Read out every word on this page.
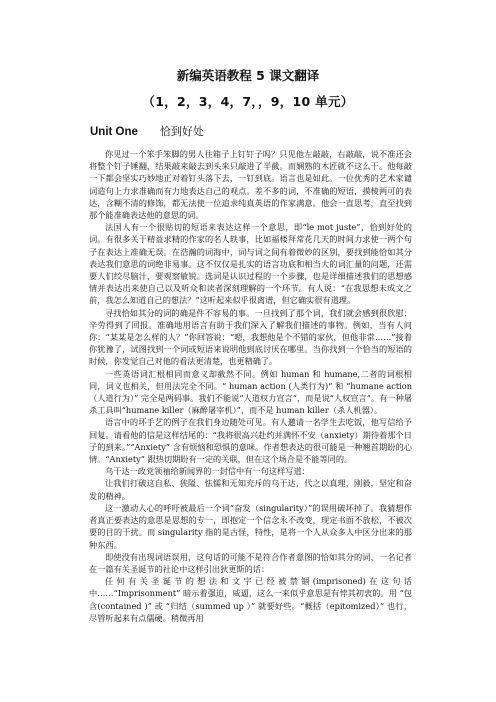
新编英语教程 5 课文翻译
（1，2，3，4，7，，9，10 单元）
Unit One 恰到好处

你见过一个笨手笨脚的男人往箱子上钉钉子吗？只见他左敲敲，右敲敲，说不准还会将整个钉子锤翻，结果敲来敲去到头来只敲进了半截。而娴熟的木匠就不这么干。他每敲一下都会坚实巧妙地正对着钉头落下去，一钉到底。语言也是如此。一位优秀的艺术家谴词造句上力求准确而有力地表达自己的观点。差不多的词，不准确的短语，摸棱两可的表达，含糊不清的修饰，都无法使一位追求纯真英语的作家满意。他会一直思考，直至找到那个能准确表达他的意思的词。

法国人有一个很贴切的短语来表达这样一个意思，即“le mot juste”，恰到好处的词。有很多关于精益求精的作家的名人轶事，比如福楼拜常花几天的时间力求使一两个句子在表达上准确无误。在浩瀚的词海中，词与词之间有着微妙的区别，要找到能恰如其分表达我们意思的词绝非易事。这不仅仅是扎实的语言功底和相当大的词汇量的问题，还需要人们绞尽脑汁，要观察敏锐。选词是认识过程的一个步骤，也是详细描述我们的思想感情并表达出来使自己以及听众和读者深刻理解的一个环节。有人说：“在我思想未成文之前，我怎么知道自己的想法？”这听起来似乎很离谱，但它确实很有道理。

寻找恰如其分的词的确是件不容易的事。一旦找到了那个词，我们就会感到很欣慰；辛劳得到了回报。准确地用语言有助于我们深入了解我们描述的事物。例如，当有人问你：“某某是怎么样的人？”你回答说：“嗯，我想他是个不错的家伙，但他非常……”接着你犹豫了，试图找到一个词或短语来说明他到底讨厌在哪里。当你找到一个恰当的短语的时候，你发觉自己对他的看法更清楚，也更精确了。

一些英语词汇根相同而意义却截然不同。例如 human 和 humane,二者的词根相同，词义也相关，但用法完全不同。“ human action (人类行为)” 和 “humane action（人道行为）” 完全是两码事。我们不能说“人道权力宣言”，而是说“人权宣言”。有一种屠杀工具叫“humane killer（麻醉屠宰机）”，而不是 human killer（杀人机器）。

语言中的坏手艺的例子在我们身边随处可见。有人邀请一名学生去吃饭，他写信给予回复。请看他的信是这样结尾的：“我将很高兴赴约并满怀不安（anxiety）期待着那个日子的到来。”“Anxiety” 含有烦恼和恐惧的意味。作者想表达的很可能是一种翘首期盼的心情。“Anxiety” 跟热切期盼有一定的关联，但在这个场合是不能等同的。

乌干达一政党领袖给新闻界的一封信中有一句这样写道：

让我们打破这自私、狭隘、怯懦和无知充斥的乌干达，代之以真理，刚毅，坚定和奋发的精神。

这一激动人心的呼吁被最后一个词“奋发（singularity）”的误用破坏掉了。我猜想作者真正要表达的意思是思想的专一，即抱定一个信念永不改变，现定书面不放松，不被次要的目的干扰。而 singularity 指的是古怪，特性，是将一个人从众多人中区分出来的那种东西。

即使没有出现词语误用，这句话的可能不是符合作者意图的恰如其分的词，一名记者在一篇有关圣诞节的社论中这样引出狄更斯的话：

任何有关圣诞节的想法和文字已经被禁锢(imprisoned)在这句话中……“Imprisonment” 暗示着强迫，威逼，这么一来似乎意思是有悖其初衷的。用 “包含(contained )” 或 “归结（summed up ）” 就要好些。“概括（epitomized）” 也行，尽管听起来有点儒硬。稍微再用
